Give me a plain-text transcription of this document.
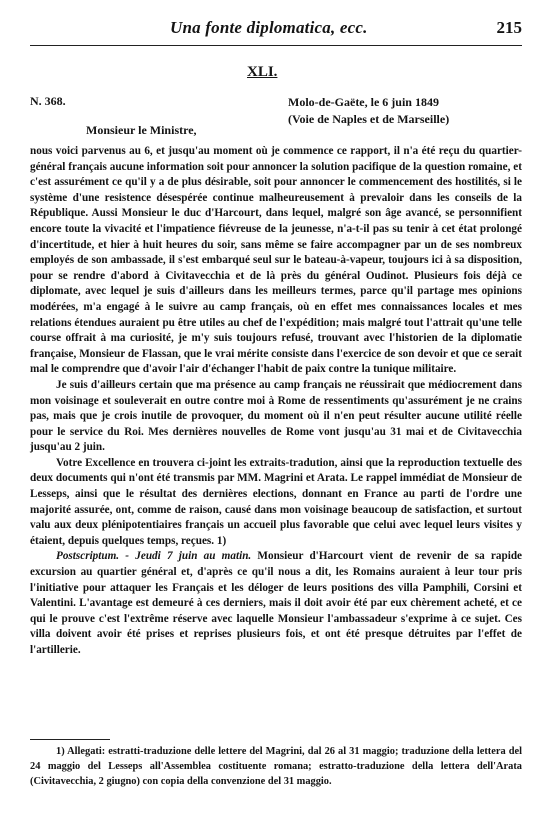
Una fonte diplomatica, ecc.	215
XLI.
N. 368.	Molo-de-Gaëte, le 6 juin 1849
(Voie de Naples et de Marseille)
Monsieur le Ministre,

nous voici parvenus au 6, et jusqu'au moment où je commence ce rapport, il n'a été reçu du quartier-général français aucune information soit pour annoncer la solution pacifique de la question romaine, et c'est assurément ce qu'il y a de plus désirable, soit pour annoncer le commencement des hostilités, si le système d'une resistence désespérée continue malheureusement à prevaloir dans les conseils de la République. Aussi Monsieur le duc d'Harcourt, dans lequel, malgré son âge avancé, se personnifient encore toute la vivacité et l'impatience fiévreuse de la jeunesse, n'a-t-il pas su tenir à cet état prolongé d'incertitude, et hier à huit heures du soir, sans même se faire accompagner par un de ses nombreux employés de son ambassade, il s'est embarqué seul sur le bateau-à-vapeur, toujours ici à sa disposition, pour se rendre d'abord à Civitavecchia et de là près du général Oudinot. Plusieurs fois déjà ce diplomate, avec lequel je suis d'ailleurs dans les meilleurs termes, parce qu'il partage mes opinions modérées, m'a engagé à le suivre au camp français, où en effet mes connaissances locales et mes relations étendues auraient pu être utiles au chef de l'expédition; mais malgré tout l'attrait qu'une telle course offrait à ma curiosité, je m'y suis toujours refusé, trouvant avec l'historien de la diplomatie française, Monsieur de Flassan, que le vrai mérite consiste dans l'exercice de son devoir et que ce serait mal le comprendre que d'avoir l'air d'échanger l'habit de paix contre la tunique militaire.

Je suis d'ailleurs certain que ma présence au camp français ne réussirait que médiocrement dans mon voisinage et souleverait en outre contre moi à Rome de ressentiments qu'assurément je ne crains pas, mais que je crois inutile de provoquer, du moment où il n'en peut résulter aucune utilité réelle pour le service du Roi. Mes dernières nouvelles de Rome vont jusqu'au 31 mai et de Civitavecchia jusqu'au 2 juin.

Votre Excellence en trouvera ci-joint les extraits-tradution, ainsi que la reproduction textuelle des deux documents qui n'ont été transmis par MM. Magrini et Arata. Le rappel immédiat de Monsieur de Lesseps, ainsi que le résultat des dernières elections, donnant en France au parti de l'ordre une majorité assurée, ont, comme de raison, causé dans mon voisinage beaucoup de satisfaction, et surtout valu aux deux plénipotentiaires français un accueil plus favorable que celui avec lequel leurs visites y étaient, depuis quelques temps, reçues. 1)

Postscriptum. - Jeudi 7 juin au matin. Monsieur d'Harcourt vient de revenir de sa rapide excursion au quartier général et, d'après ce qu'il nous a dit, les Romains auraient à leur tour pris l'initiative pour attaquer les Français et les déloger de leurs positions des villa Pamphili, Corsini et Valentini. L'avantage est demeuré à ces derniers, mais il doit avoir été par eux chèrement acheté, et ce qui le prouve c'est l'extrême réserve avec laquelle Monsieur l'ambassadeur s'exprime à ce sujet. Ces villa doivent avoir été prises et reprises plusieurs fois, et ont été presque détruites par l'effet de l'artillerie.

1) Allegati: estratti-traduzione delle lettere del Magrini, dal 26 al 31 maggio; traduzione della lettera del 24 maggio del Lesseps all'Assemblea costituente romana; estratto-traduzione della lettera dell'Arata (Civitavecchia, 2 giugno) con copia della convenzione del 31 maggio.
